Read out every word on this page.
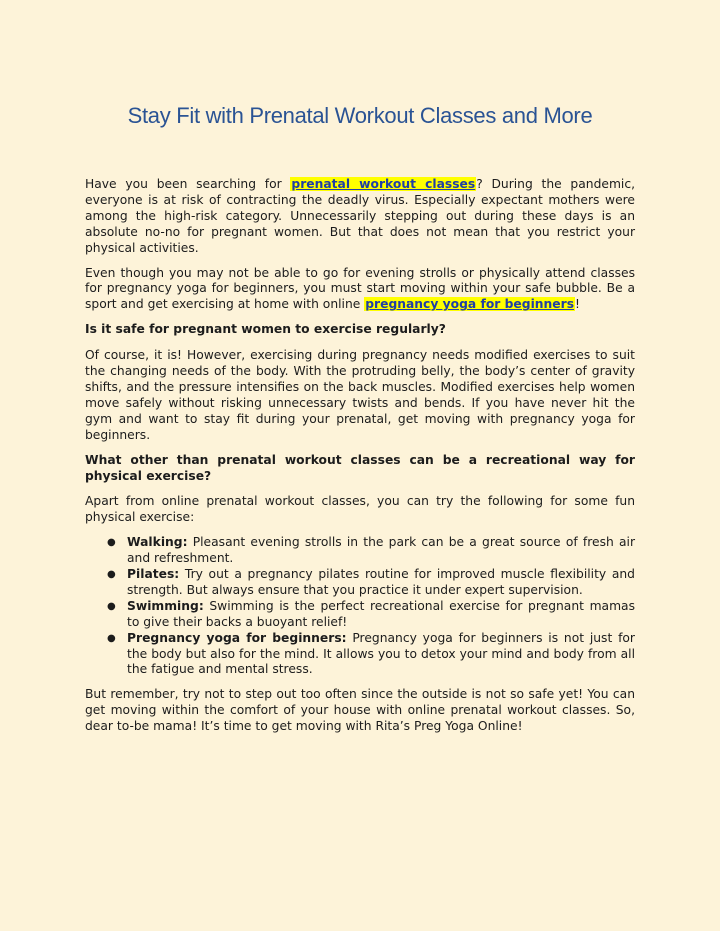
Stay Fit with Prenatal Workout Classes and More

Have you been searching for prenatal workout classes? During the pandemic, everyone is at risk of contracting the deadly virus. Especially expectant mothers were among the high-risk category. Unnecessarily stepping out during these days is an absolute no-no for pregnant women. But that does not mean that you restrict your physical activities.

Even though you may not be able to go for evening strolls or physically attend classes for pregnancy yoga for beginners, you must start moving within your safe bubble. Be a sport and get exercising at home with online pregnancy yoga for beginners!

Is it safe for pregnant women to exercise regularly?

Of course, it is! However, exercising during pregnancy needs modified exercises to suit the changing needs of the body. With the protruding belly, the body’s center of gravity shifts, and the pressure intensifies on the back muscles. Modified exercises help women move safely without risking unnecessary twists and bends. If you have never hit the gym and want to stay fit during your prenatal, get moving with pregnancy yoga for beginners.

What other than prenatal workout classes can be a recreational way for physical exercise?

Apart from online prenatal workout classes, you can try the following for some fun physical exercise:

● Walking: Pleasant evening strolls in the park can be a great source of fresh air and refreshment.
● Pilates: Try out a pregnancy pilates routine for improved muscle flexibility and strength. But always ensure that you practice it under expert supervision.
● Swimming: Swimming is the perfect recreational exercise for pregnant mamas to give their backs a buoyant relief!
● Pregnancy yoga for beginners: Pregnancy yoga for beginners is not just for the body but also for the mind. It allows you to detox your mind and body from all the fatigue and mental stress.

But remember, try not to step out too often since the outside is not so safe yet! You can get moving within the comfort of your house with online prenatal workout classes. So, dear to-be mama! It’s time to get moving with Rita’s Preg Yoga Online!
